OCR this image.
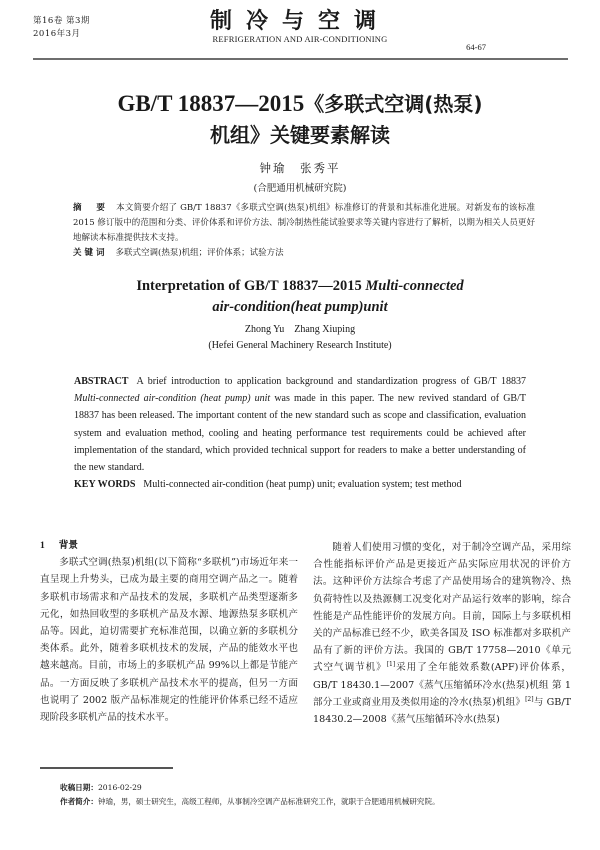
第16卷 第3期
2016年3月	制冷与空调
REFRIGERATION AND AIR-CONDITIONING
64-67
GB/T 18837—2015《多联式空调(热泵)
机组》关键要素解读
钟瑜　张秀平
(合肥通用机械研究院)
摘　要 本文简要介绍了 GB/T 18837《多联式空调(热泵)机组》标准修订的背景和其标准化进展。对新发布的该标准 2015 修订版中的范围和分类、评价体系和评价方法、制冷制热性能试验要求等关键内容进行了解析，以期为相关人员更好地解读本标准提供技术支持。
关键词 多联式空调(热泵)机组；评价体系；试验方法
Interpretation of GB/T 18837—2015 Multi-connected
air-condition(heat pump)unit
Zhong Yu　Zhang Xiuping
(Hefei General Machinery Research Institute)
ABSTRACT A brief introduction to application background and standardization progress of GB/T 18837 Multi-connected air-condition (heat pump) unit was made in this paper. The new revived standard of GB/T 18837 has been released. The important content of the new standard such as scope and classification, evaluation system and evaluation method, cooling and heating performance test requirements could be achieved after implementation of the standard, which provided technical support for readers to make a better understanding of the new standard.
KEY WORDS Multi-connected air-condition (heat pump) unit; evaluation system; test method
1 背景

多联式空调(热泵)机组(以下简称“多联机”)市场近年来一直呈现上升势头，已成为最主要的商用空调产品之一。随着多联机市场需求和产品技术的发展，多联机产品类型逐渐多元化，如热回收型的多联机产品及水源、地源热泵多联机产品等。因此，迫切需要扩充标准范围，以确立新的多联机分类体系。此外，随着多联机技术的发展，产品的能效水平也越来越高。目前，市场上的多联机产品 99%以上都是节能产品。一方面反映了多联机产品技术水平的提高，但另一方面也说明了 2002 版产品标准规定的性能评价体系已经不适应现阶段多联机产品的技术水平。

随着人们使用习惯的变化，对于制冷空调产品，采用综合性能指标评价产品是更接近产品实际应用状况的评价方法。这种评价方法综合考虑了产品使用场合的建筑物冷、热负荷特性以及热源侧工况变化对产品运行效率的影响，综合性能是产品性能评价的发展方向。目前，国际上与多联机相关的产品标准已经不少，欧美各国及 ISO 标准都对多联机产品有了新的评价方法。我国的 GB/T 17758—2010《单元式空气调节机》[1]采用了全年能效系数(APF)评价体系，GB/T 18430.1—2007《蒸气压缩循环冷水(热泵)机组 第 1 部分工业或商业用及类似用途的冷水(热泵)机组》[2]与 GB/T 18430.2—2008《蒸气压缩循环冷水(热泵)

收稿日期：2016-02-29
作者简介：钟瑜，男，硕士研究生，高级工程师，从事制冷空调产品标准研究工作，就职于合肥通用机械研究院。
